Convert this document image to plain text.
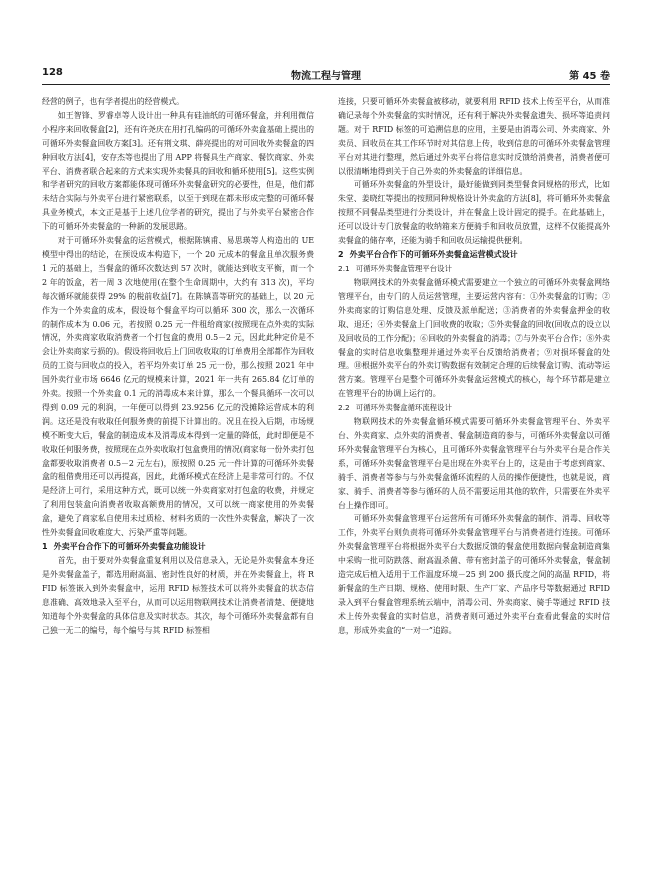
128	物流工程与管理	第 45 卷

经营的例子，也有学者提出的经营模式。

如王智锋、罗睿卓等人设计出一种具有硅油纸的可循环餐盒，并利用微信小程序来回收餐盒[2]，还有许尧庆在用打孔编码的可循环外卖盒基础上提出的可循环外卖餐盒回收方案[3]。还有荆文琪、薛亮提出的对可回收外卖餐盒的四种回收方法[4]，安存杰等也提出了用 APP 将餐具生产商家、餐饮商家、外卖平台、消费者联合起来的方式来实现外卖餐具的回收和循环使用[5]。这些实例和学者研究的回收方案都能体现可循环外卖餐盒研究的必要性，但是，他们都未结合实际与外卖平台进行紧密联系，以至于到现在都未形成完整的可循环餐具业务模式，本文正是基于上述几位学者的研究，提出了与外卖平台紧密合作下的可循环外卖餐盒的一种新的发展思路。

对于可循环外卖餐盒的运营模式，根据陈镇甫、易思瑛等人构造出的 UE 模型中得出的结论，在预设成本构造下，一个 20 元成本的餐盒且单次服务费 1 元的基础上，当餐盒的循环次数达到 57 次时，就能达到收支平衡，而一个 2 年的饭盒，若一周 3 次地使用(在整个生命周期中，大约有 313 次)，平均每次循环就能获得 29% 的税前收益[7]。在陈镇喜等研究的基础上，以 20 元作为一个外卖盒的成本，假设每个餐盒平均可以循环 300 次，那么一次循环的制作成本为 0.06 元，若按照 0.25 元一件租给商家(按照现在点外卖的实际情况，外卖商家收取消费者一个打包盒的费用 0.5－2 元，因此此种定价是不会让外卖商家亏损的)。假设将回收后上门回收收取的订单费用全部都作为回收员的工资与回收点的投入，若平均外卖订单 25 元一份，那么按照 2021 年中国外卖行业市场 6646 亿元的规模来计算，2021 年一共有 265.84 亿订单的外卖。按照一个外卖盒 0.1 元的消毒成本来计算，那么一个餐具循环一次可以得到 0.09 元的利润，一年便可以得到 23.9256 亿元的没摊除运营成本的利润。这还是没有收取任何服务费的前提下计算出的。况且在投入后期，市场规模不断变大后，餐盒的制造成本及消毒成本得到一定量的降低，此时即便是不收取任何服务费，按照现在点外卖收取打包盒费用的情况(商家每一份外卖打包盒都要收取消费者 0.5－2 元左右)，原按照 0.25 元一件计算的可循环外卖餐盒的租借费用还可以再提高，因此，此循环模式在经济上是非常可行的。不仅是经济上可行，采用这种方式，既可以统一外卖商家对打包盒的收费，并规定了利用包装盒向消费者收取高额费用的情况，又可以统一商家使用的外卖餐盒，避免了商家私自使用未过质检、材料劣质的一次性外卖餐盒，解决了一次性外卖餐盒回收难度大、污染严重等问题。

1 外卖平台合作下的可循环外卖餐盒功能设计

首先，由于要对外卖餐盒重复利用以及信息录入，无论是外卖餐盒本身还是外卖餐盒盖子，都选用耐高温、密封性良好的材质，并在外卖餐盒上，将 RFID 标签嵌入到外卖餐盒中，运用 RFID 标签技术可以将外卖餐盒的状态信息准确、高效地录入至平台，从而可以运用物联网技术让消费者清楚、便捷地知道每个外卖餐盒的具体信息及实时状态。其次，每个可循环外卖餐盒都有自己独一无二的编号，每个编号与其 RFID 标签相

连接，只要可循环外卖餐盒被移动，就要利用 RFID 技术上传至平台，从而准确记录每个外卖餐盒的实时情况，还有利于解决外卖餐盒遗失、损坏等追责问题。对于 RFID 标签的可追溯信息的应用，主要是由消毒公司、外卖商家、外卖员、回收员在其工作环节时对其信息上传，收到信息的可循环外卖餐盒管理平台对其进行整理，然后通过外卖平台将信息实时反馈给消费者，消费者便可以很清晰地得到关于自己外卖的外卖餐盒的详细信息。

可循环外卖餐盒的外型设计，最好能做到同类型餐食同规格的形式，比如朱堂、姜晓红等提出的按照同种规格设计外卖盒的方法[8]，将可循环外卖餐盒按照不同餐品类型进行分类设计，并在餐盒上设计固定的提手。在此基础上，还可以设计专门放餐盒的收纳箱来方便骑手和回收员放置，这样不仅能提高外卖餐盒的储存率，还能为骑手和回收员运输提供便利。

2 外卖平台合作下的可循环外卖餐盒运营模式设计

2.1 可循环外卖餐盒管理平台设计

物联网技术的外卖餐盒循环模式需要建立一个独立的可循环外卖餐盒网络管理平台，由专门的人员运营管理，主要运营内容有：①外卖餐盒的订购；②外卖商家的订购信息处理、反馈及派单配送；③消费者的外卖餐盒押金的收取、退还；④外卖餐盒上门回收费的收取；⑤外卖餐盒的回收(回收点的设立以及回收员的工作分配)；⑥回收的外卖餐盒的消毒；⑦与外卖平台合作；⑧外卖餐盒的实时信息收集整理并通过外卖平台反馈给消费者；⑨对损坏餐盒的处理。⑩根据外卖平台的外卖订购数据有效制定合理的后续餐盒订购、流动等运营方案。管理平台是整个可循环外卖餐盒运营模式的核心，每个环节都是建立在管理平台的协调上运行的。

2.2 可循环外卖餐盒循环流程设计

物联网技术的外卖餐盒循环模式需要可循环外卖餐盒管理平台、外卖平台、外卖商家、点外卖的消费者、餐盒制造商的参与，可循环外卖餐盒以可循环外卖餐盒管理平台为核心，且可循环外卖餐盒管理平台与外卖平台是合作关系，可循环外卖餐盒管理平台是出现在外卖平台上的，这是由于考虑到商家、骑手、消费者等参与与外卖餐盒循环流程的人员的操作便捷性，也就是说，商家、骑手、消费者等参与循环的人员不需要运用其他的软件，只需要在外卖平台上操作即可。

可循环外卖餐盒管理平台运营所有可循环外卖餐盒的制作、消毒、回收等工作，外卖平台则负责将可循环外卖餐盒管理平台与消费者进行连接。可循环外卖餐盒管理平台将根据外卖平台大数据反馈的餐盒使用数据向餐盒制造商集中采购一批可防跌落、耐高温杀菌、带有密封盖子的可循环外卖餐盒，餐盒制造完成后植入适用于工作温度环境－25 到 200 摄氏度之间的高温 RFID，将新餐盒的生产日期、规格、使用时限、生产厂家、产品序号等数据通过 RFID 录入到平台餐盒管理系统云端中，消毒公司、外卖商家、骑手等通过 RFID 技术上传外卖餐盒的实时信息，消费者则可通过外卖平台查看此餐盒的实时信息，形成外卖盒的“一对一”追踪。
